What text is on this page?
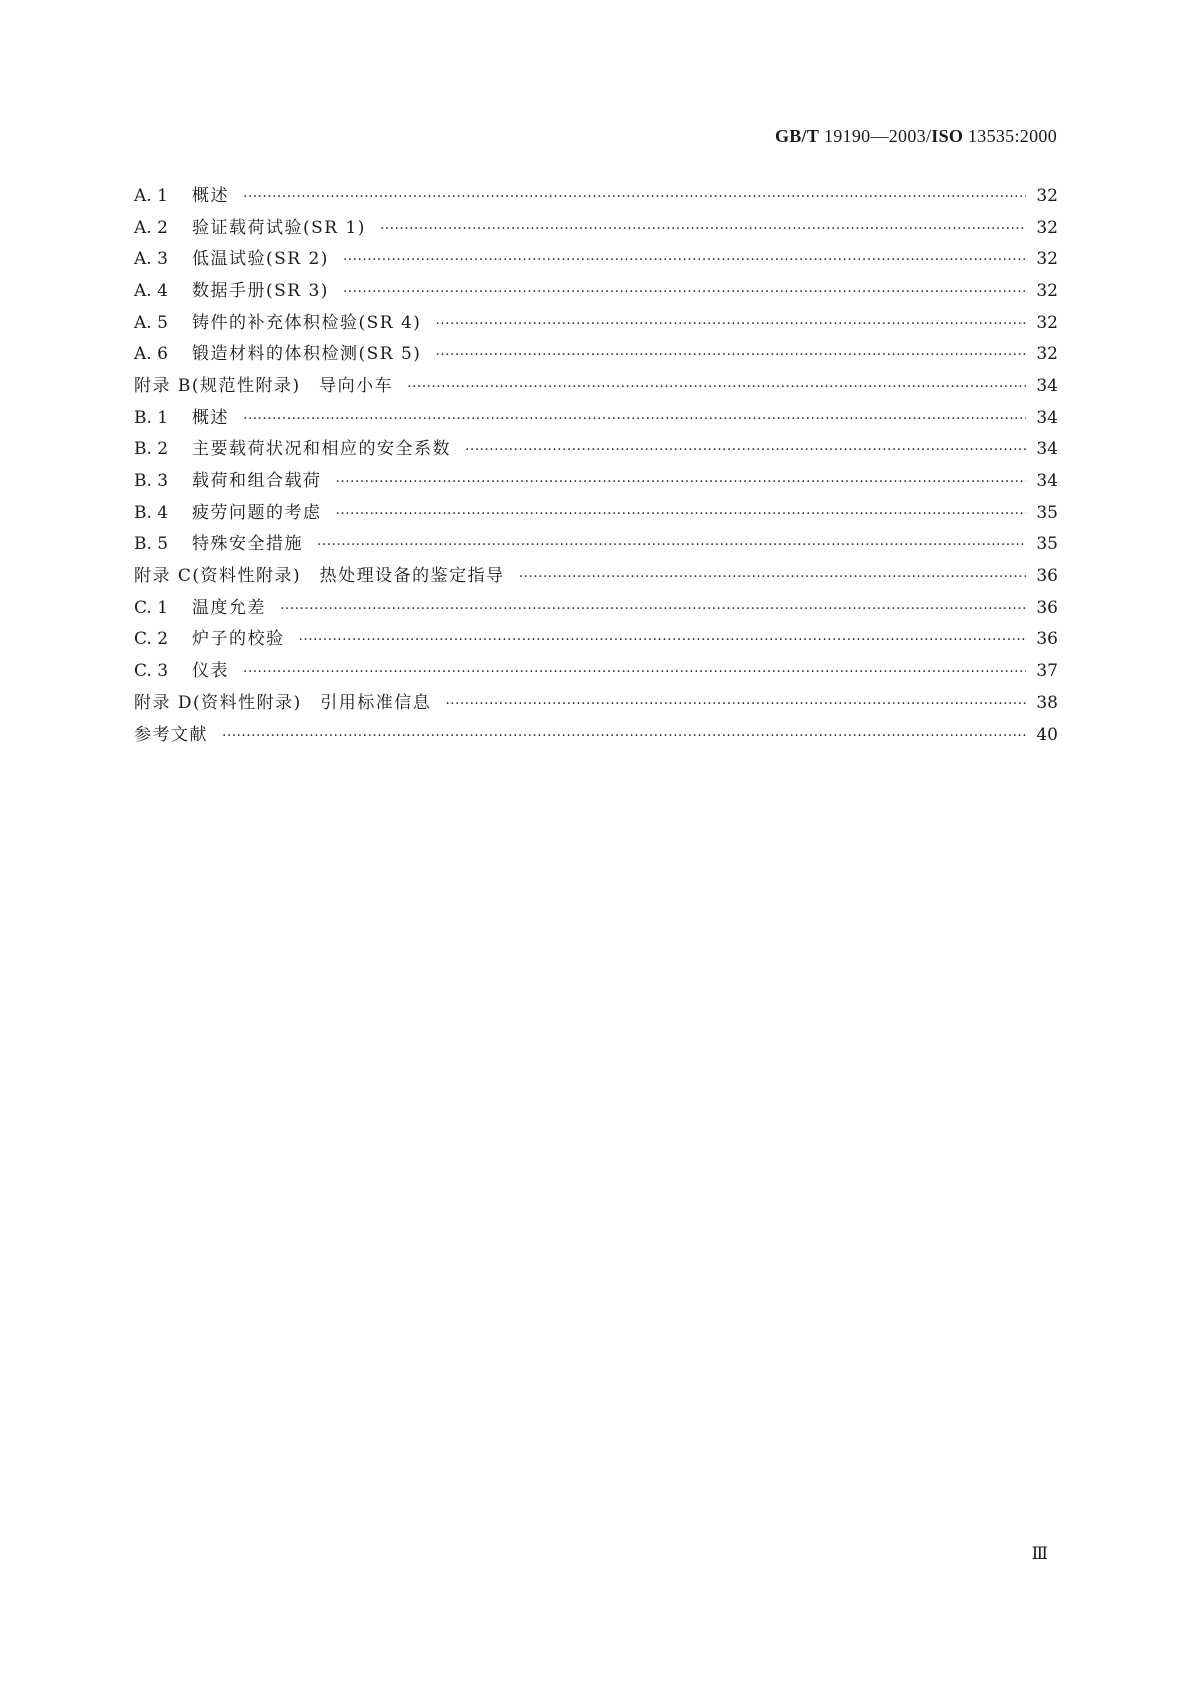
GB/T 19190—2003/ISO 13535:2000
A. 1	概述 ·····	32
A. 2	验证载荷试验(SR 1) ·····	32
A. 3	低温试验(SR 2) ·····	32
A. 4	数据手册(SR 3) ·····	32
A. 5	铸件的补充体积检验(SR 4) ·····	32
A. 6	锻造材料的体积检测(SR 5) ·····	32
附录 B(规范性附录)　导向小车 ·····	34
B. 1	概述 ·····	34
B. 2	主要载荷状况和相应的安全系数 ·····	34
B. 3	载荷和组合载荷 ·····	34
B. 4	疲劳问题的考虑 ·····	35
B. 5	特殊安全措施 ·····	35
附录 C(资料性附录)　热处理设备的鉴定指导 ·····	36
C. 1	温度允差 ·····	36
C. 2	炉子的校验 ·····	36
C. 3	仪表 ·····	37
附录 D(资料性附录)　引用标准信息 ·····	38
参考文献 ·····	40
Ⅲ
